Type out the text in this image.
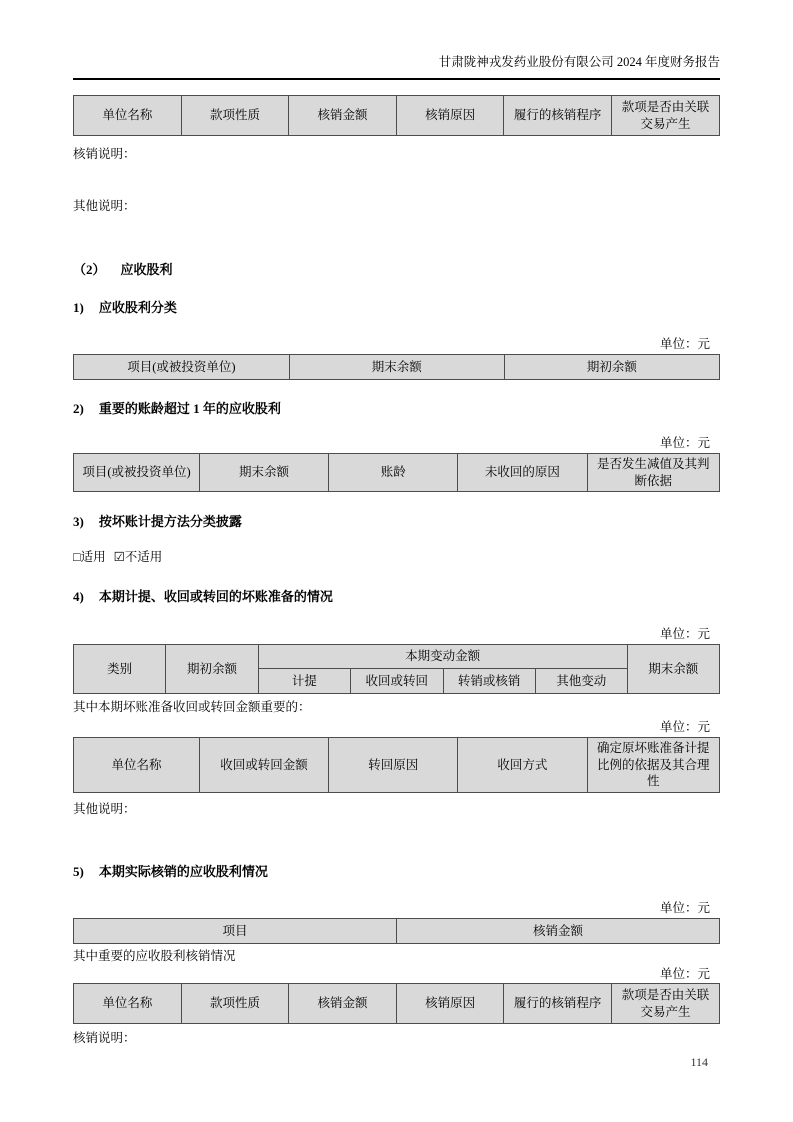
甘肃陇神戎发药业股份有限公司 2024 年度财务报告
单位名称	款项性质	核销金额	核销原因	履行的核销程序	款项是否由关联交易产生
核销说明：
其他说明：
（2） 应收股利
1) 应收股利分类
单位：元
项目(或被投资单位)	期末余额	期初余额
2) 重要的账龄超过 1 年的应收股利
单位：元
项目(或被投资单位)	期末余额	账龄	未收回的原因	是否发生减值及其判断依据
3) 按坏账计提方法分类披露
□适用 ☑不适用
4) 本期计提、收回或转回的坏账准备的情况
单位：元
类别	期初余额	本期变动金额				期末余额
		计提	收回或转回	转销或核销	其他变动	
其中本期坏账准备收回或转回金额重要的：
单位：元
单位名称	收回或转回金额	转回原因	收回方式	确定原坏账准备计提比例的依据及其合理性
其他说明：
5) 本期实际核销的应收股利情况
单位：元
项目	核销金额
其中重要的应收股利核销情况
单位：元
单位名称	款项性质	核销金额	核销原因	履行的核销程序	款项是否由关联交易产生
核销说明：
114
